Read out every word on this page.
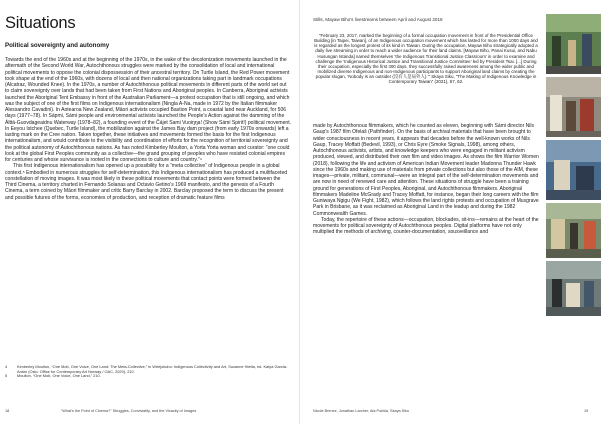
Situations
Political sovereignty and autonomy

Towards the end of the 1960s and at the beginning of the 1970s, in the wake of the decolonization movements launched in the aftermath of the Second World War, Autochthonous struggles were marked by the consolidation of local and international political movements to oppose the colonial dispossession of their ancestral territory. On Turtle Island, the Red Power movement took shape at the end of the 1960s, with dozens of local and then national organizations taking part in landmark occupations (Alcatraz, Wounded Knee). In the 1970s, a number of Autochthonous political movements in different parts of the world set out to claim sovereignty over lands that had been taken from First Nations and Aboriginal peoples. In Canberra, Aboriginal activists launched the Aboriginal Tent Embassy in front of the Australian Parliament—a protest occupation that is still ongoing, and which was the subject of one of the first films on Indigenous internationalism (Ningla A-Na, made in 1972 by the Italian filmmaker Alessandro Cavadini). In Aotearoa New Zealand, Māori activists occupied Bastion Point, a coastal land near Auckland, for 506 days (1977–78). In Sápmi, Sámi people and environmental activists launched the People's Action against the damming of the Álttá-Guovdageaidnu Waterway (1978–82), a founding event of the Čájet Sami Vuoiŋŋa! (Show Sámi Spirit!) political movement. In Eeyou Istchee (Quebec, Turtle Island), the mobilization against the James Bay dam project (from early 1970s onwards) left a lasting mark on the Cree nation. Taken together, these initiatives and movements formed the basis for the first Indigenous internationalism, and would contribute to the visibility and coordination of efforts for the recognition of territorial sovereignty and the political autonomy of Autochthonous nations. As has noted Kimberley Moulton, a Yorta Yorta woman and curator: “one could look at the global First Peoples community as a collective—the grand grouping of peoples who have resisted colonial empires for centuries and whose survivance is rooted in the connections to culture and country.”⁴

This first Indigenous internationalism has opened up a possibility for a “meta collective” of Indigenous people in a global context.⁵ Embodied in numerous struggles for self-determination, this Indigenous internationalism has produced a multifaceted constellation of moving images. It was most likely in these political movements that contact points were formed between the Third Cinema, a territory charted in Fernando Solanas and Octavio Getino's 1969 manifesto, and the genesis of a Fourth Cinema, a term coined by Māori filmmaker and critic Barry Barclay in 2002. Barclay proposed the term to discuss the present and possible futures of the forms, economies of production, and reception of dramatic feature films

4	Kimberley Moulton, “One Mob, One Voice, One Land: The Meta-Collective,” in Wéejokubo: Indigenous Collectivity and Art, Suzanne Hietta, ed. Katya Garcia-Antón (Oslo: Office for Contemporary Art Norway / OAC, 2020), 210.
5	Moulton, “One Mob, One Voice, One Land,” 210.
18	“What's the Point of Cinema?” Struggles, Conviviality, and the Vivacity of Images
Stills, Mayaw Biho's livestreams between April and August 2018
“February 23, 2017, marked the beginning of a formal occupation movement in front of the Presidential Office Building [in Taipei, Taiwan], of an Indigenous occupation movement which has lasted for more than 1000 days and is regarded as the longest protest of its kind in Taiwan. During the occupation, Mayaw Biho strategically adopted a daily live streaming in order to reach a wider audience for their land claims. [Mayaw Biho, Panai Kusui, and Nabu Husungan Istanda] named themselves ‘the Indigenous Transitional Justice Classroom’ in order to examine and challenge the ‘Indigenous Historical Justice and Transitional Justice Committee’ led by President Tsai. [...] During their occupation, especially the first 300 days, they successfully raised awareness among the wider public and mobilized diverse Indigenous and non-Indigenous participants to support Aboriginal land claims by creating the popular slogan, ‘Nobody is an outsider (沒有人是局外人).’” Skaya Siku, “The Making of Indigenous Knowledge in Contemporary Taiwan” (2021), 57, 62.

made by Autochthonous filmmakers, which he counted as eleven, beginning with Sámi director Nils Gaup's 1987 film Ofelaš (Pathfinder). On the basis of archival materials that have been brought to wider consciousness in recent years, it appears that decades before the well-known works of Nils Gaup, Tracey Moffatt (Bedevil, 1993), or Chris Eyre (Smoke Signals, 1998), among others, Autochthonous activists, artists, and knowledge keepers who were engaged in militant activism produced, viewed, and distributed their own film and video images. As shows the film Warrior Women (2018), following the life and activism of American Indian Movement leader Madonna Thunder Hawk since the 1960s and making use of materials from private collections but also those of the AIM, these images—private, militant, communal—were an integral part of the self-determination movements and are now in need of renewed care and attention. These situations of struggle have been a training ground for generations of First Peoples, Aboriginal, and Autochthonous filmmakers. Aboriginal filmmakers Madeline McGrady and Tracey Moffatt, for instance, began their long careers with the film Guniwaya Ngigu (We Fight, 1982), which follows the land rights protests and occupation of Musgrave Park in Brisbane, as it was reclaimed as Aboriginal Land in the leadup and during the 1982 Commonwealth Games.

Today, the repertoire of these actions—occupation, blockades, sit-ins—remains at the heart of the movements for political sovereignty of Autochthonous peoples. Digital platforms have not only multiplied the methods of archiving, counter-documentation, sousveillance and

Nicole Brenez, Jonathan Larcher, Ala Pokšla, Skaya Siku	19
